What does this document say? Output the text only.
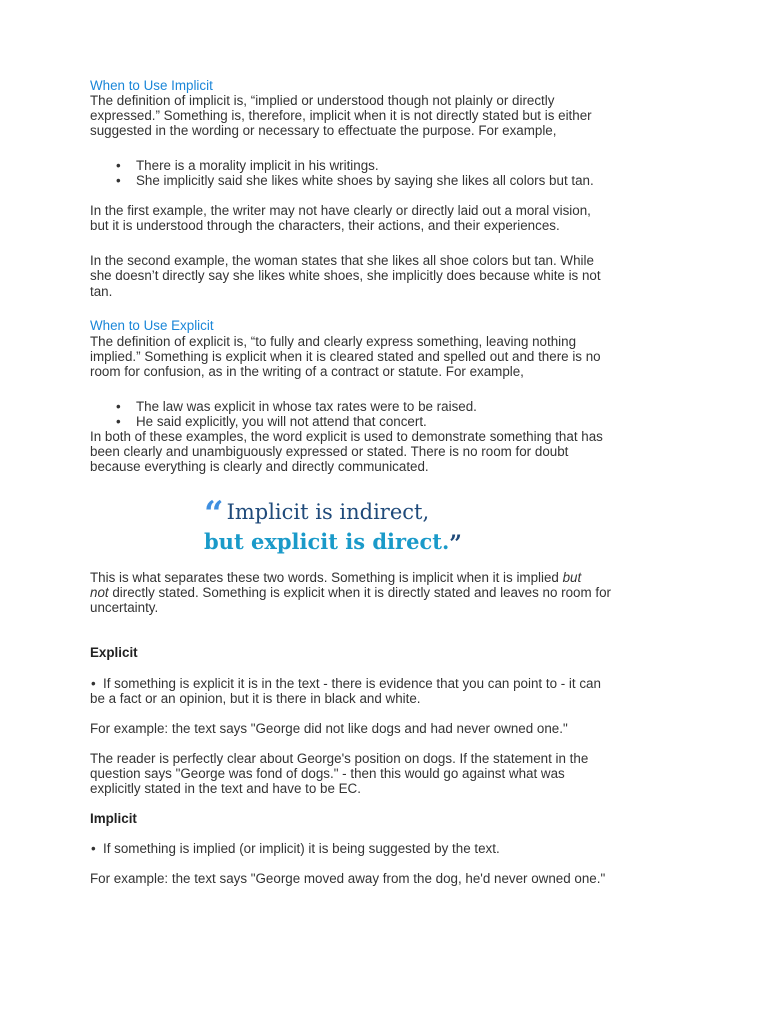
When to Use Implicit
The definition of implicit is, “implied or understood though not plainly or directly
expressed.” Something is, therefore, implicit when it is not directly stated but is either
suggested in the wording or necessary to effectuate the purpose. For example,
• There is a morality implicit in his writings.
• She implicitly said she likes white shoes by saying she likes all colors but tan.
In the first example, the writer may not have clearly or directly laid out a moral vision,
but it is understood through the characters, their actions, and their experiences.
In the second example, the woman states that she likes all shoe colors but tan. While
she doesn’t directly say she likes white shoes, she implicitly does because white is not
tan.
When to Use Explicit
The definition of explicit is, “to fully and clearly express something, leaving nothing
implied.” Something is explicit when it is cleared stated and spelled out and there is no
room for confusion, as in the writing of a contract or statute. For example,
• The law was explicit in whose tax rates were to be raised.
• He said explicitly, you will not attend that concert.
In both of these examples, the word explicit is used to demonstrate something that has
been clearly and unambiguously expressed or stated. There is no room for doubt
because everything is clearly and directly communicated.
“ Implicit is indirect,
but explicit is direct.”
This is what separates these two words. Something is implicit when it is implied but
not directly stated. Something is explicit when it is directly stated and leaves no room for
uncertainty.
Explicit
• If something is explicit it is in the text - there is evidence that you can point to - it can
be a fact or an opinion, but it is there in black and white.
For example: the text says "George did not like dogs and had never owned one."
The reader is perfectly clear about George's position on dogs. If the statement in the
question says "George was fond of dogs." - then this would go against what was
explicitly stated in the text and have to be EC.
Implicit
• If something is implied (or implicit) it is being suggested by the text.
For example: the text says "George moved away from the dog, he'd never owned one."
